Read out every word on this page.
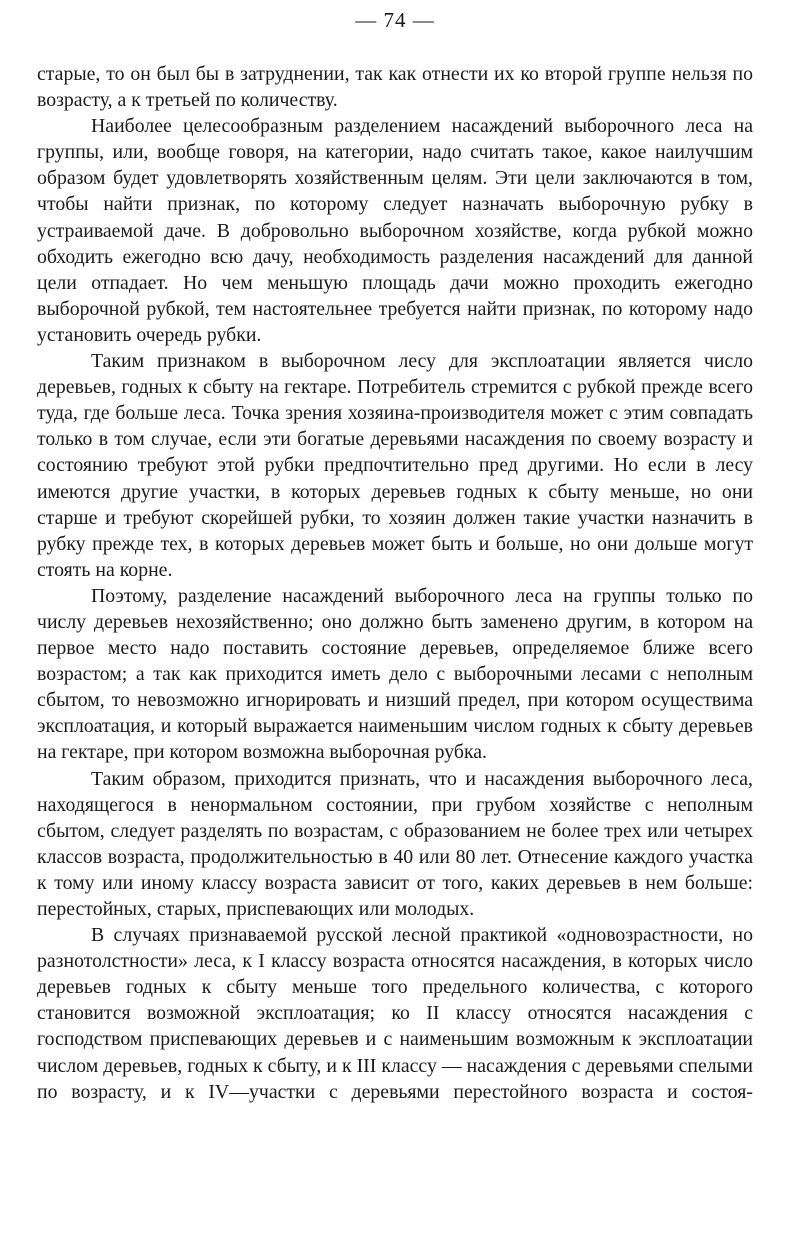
— 74 —

старые, то он был бы в затруднении, так как отнести их ко второй группе нельзя по возрасту, а к третьей по количеству.

Наиболее целесообразным разделением насаждений выборочного леса на группы, или, вообще говоря, на категории, надо считать такое, какое наилучшим образом будет удовлетворять хозяйственным целям. Эти цели заключаются в том, чтобы найти признак, по которому следует назначать выборочную рубку в устраиваемой даче. В добровольно выборочном хозяйстве, когда рубкой можно обходить ежегодно всю дачу, необходимость разделения насаждений для данной цели отпадает. Но чем меньшую площадь дачи можно проходить ежегодно выборочной рубкой, тем настоятельнее требуется найти признак, по которому надо установить очередь рубки.

Таким признаком в выборочном лесу для эксплоатации является число деревьев, годных к сбыту на гектаре. Потребитель стремится с рубкой прежде всего туда, где больше леса. Точка зрения хозяина-производителя может с этим совпадать только в том случае, если эти богатые деревьями насаждения по своему возрасту и состоянию требуют этой рубки предпочтительно пред другими. Но если в лесу имеются другие участки, в которых деревьев годных к сбыту меньше, но они старше и требуют скорейшей рубки, то хозяин должен такие участки назначить в рубку прежде тех, в которых деревьев может быть и больше, но они дольше могут стоять на корне.

Поэтому, разделение насаждений выборочного леса на группы только по числу деревьев нехозяйственно; оно должно быть заменено другим, в котором на первое место надо поставить состояние деревьев, определяемое ближе всего возрастом; а так как приходится иметь дело с выборочными лесами с неполным сбытом, то невозможно игнорировать и низший предел, при котором осуществима эксплоатация, и который выражается наименьшим числом годных к сбыту деревьев на гектаре, при котором возможна выборочная рубка.

Таким образом, приходится признать, что и насаждения выборочного леса, находящегося в ненормальном состоянии, при грубом хозяйстве с неполным сбытом, следует разделять по возрастам, с образованием не более трех или четырех классов возраста, продолжительностью в 40 или 80 лет. Отнесение каждого участка к тому или иному классу возраста зависит от того, каких деревьев в нем больше: перестойных, старых, приспевающих или молодых.

В случаях признаваемой русской лесной практикой «одновозрастности, но разнотолстности» леса, к I классу возраста относятся насаждения, в которых число деревьев годных к сбыту меньше того предельного количества, с которого становится возможной эксплоатация; ко II классу относятся насаждения с господством приспевающих деревьев и с наименьшим возможным к эксплоатации числом деревьев, годных к сбыту, и к III классу — насаждения с деревьями спелыми по возрасту, и к IV—участки с деревьями перестойного возраста и состоя-
